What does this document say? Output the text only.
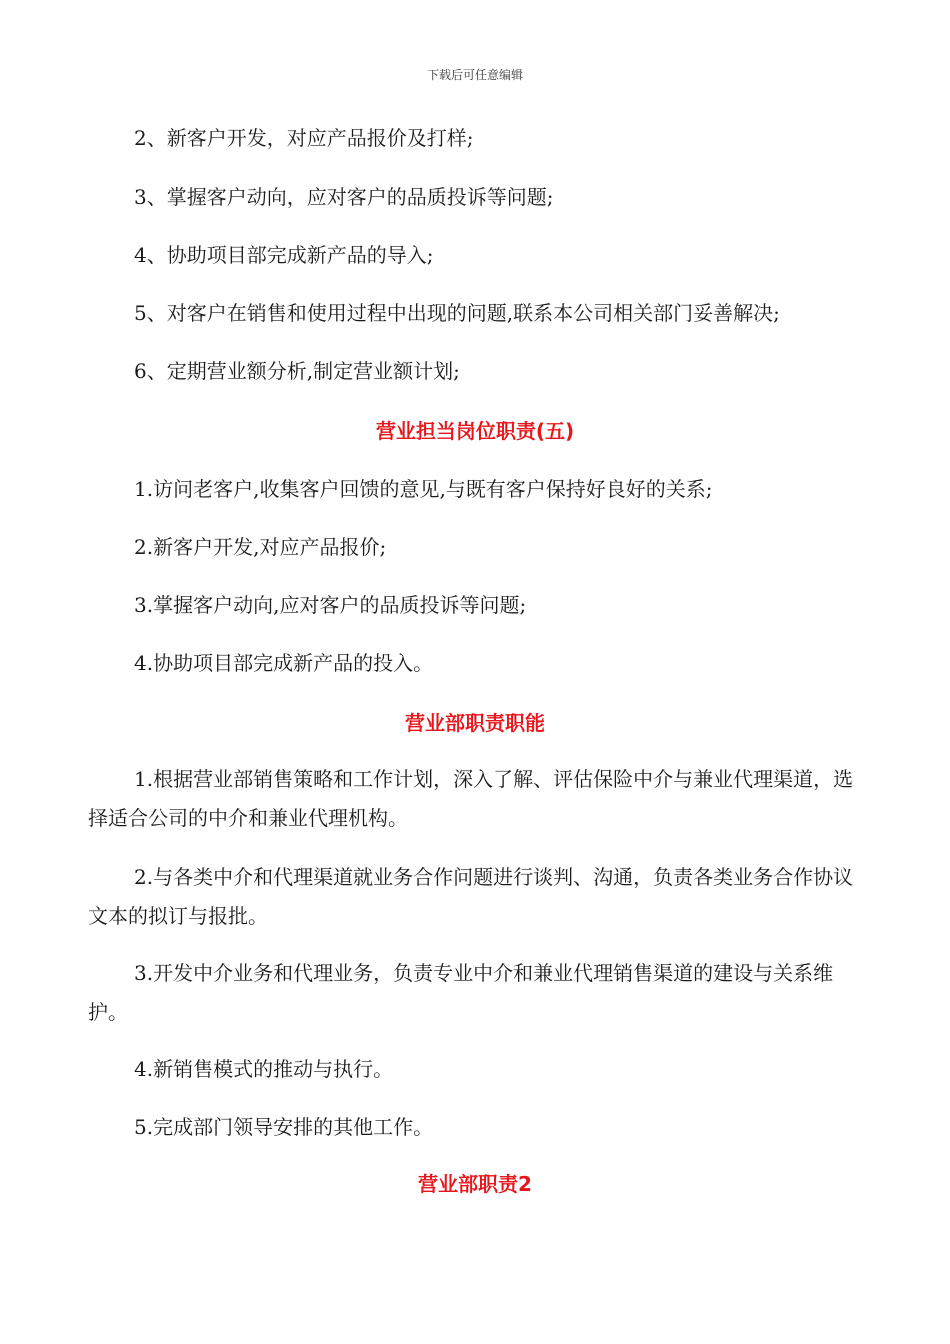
下载后可任意编辑
2、新客户开发，对应产品报价及打样;
3、掌握客户动向，应对客户的品质投诉等问题;
4、协助项目部完成新产品的导入;
5、对客户在销售和使用过程中出现的问题,联系本公司相关部门妥善解决;
6、定期营业额分析,制定营业额计划;
营业担当岗位职责(五)
1.访问老客户,收集客户回馈的意见,与既有客户保持好良好的关系;
2.新客户开发,对应产品报价;
3.掌握客户动向,应对客户的品质投诉等问题;
4.协助项目部完成新产品的投入。
营业部职责职能
1.根据营业部销售策略和工作计划，深入了解、评估保险中介与兼业代理渠道，选择适合公司的中介和兼业代理机构。
2.与各类中介和代理渠道就业务合作问题进行谈判、沟通，负责各类业务合作协议文本的拟订与报批。
3.开发中介业务和代理业务，负责专业中介和兼业代理销售渠道的建设与关系维护。
4.新销售模式的推动与执行。
5.完成部门领导安排的其他工作。
营业部职责2
